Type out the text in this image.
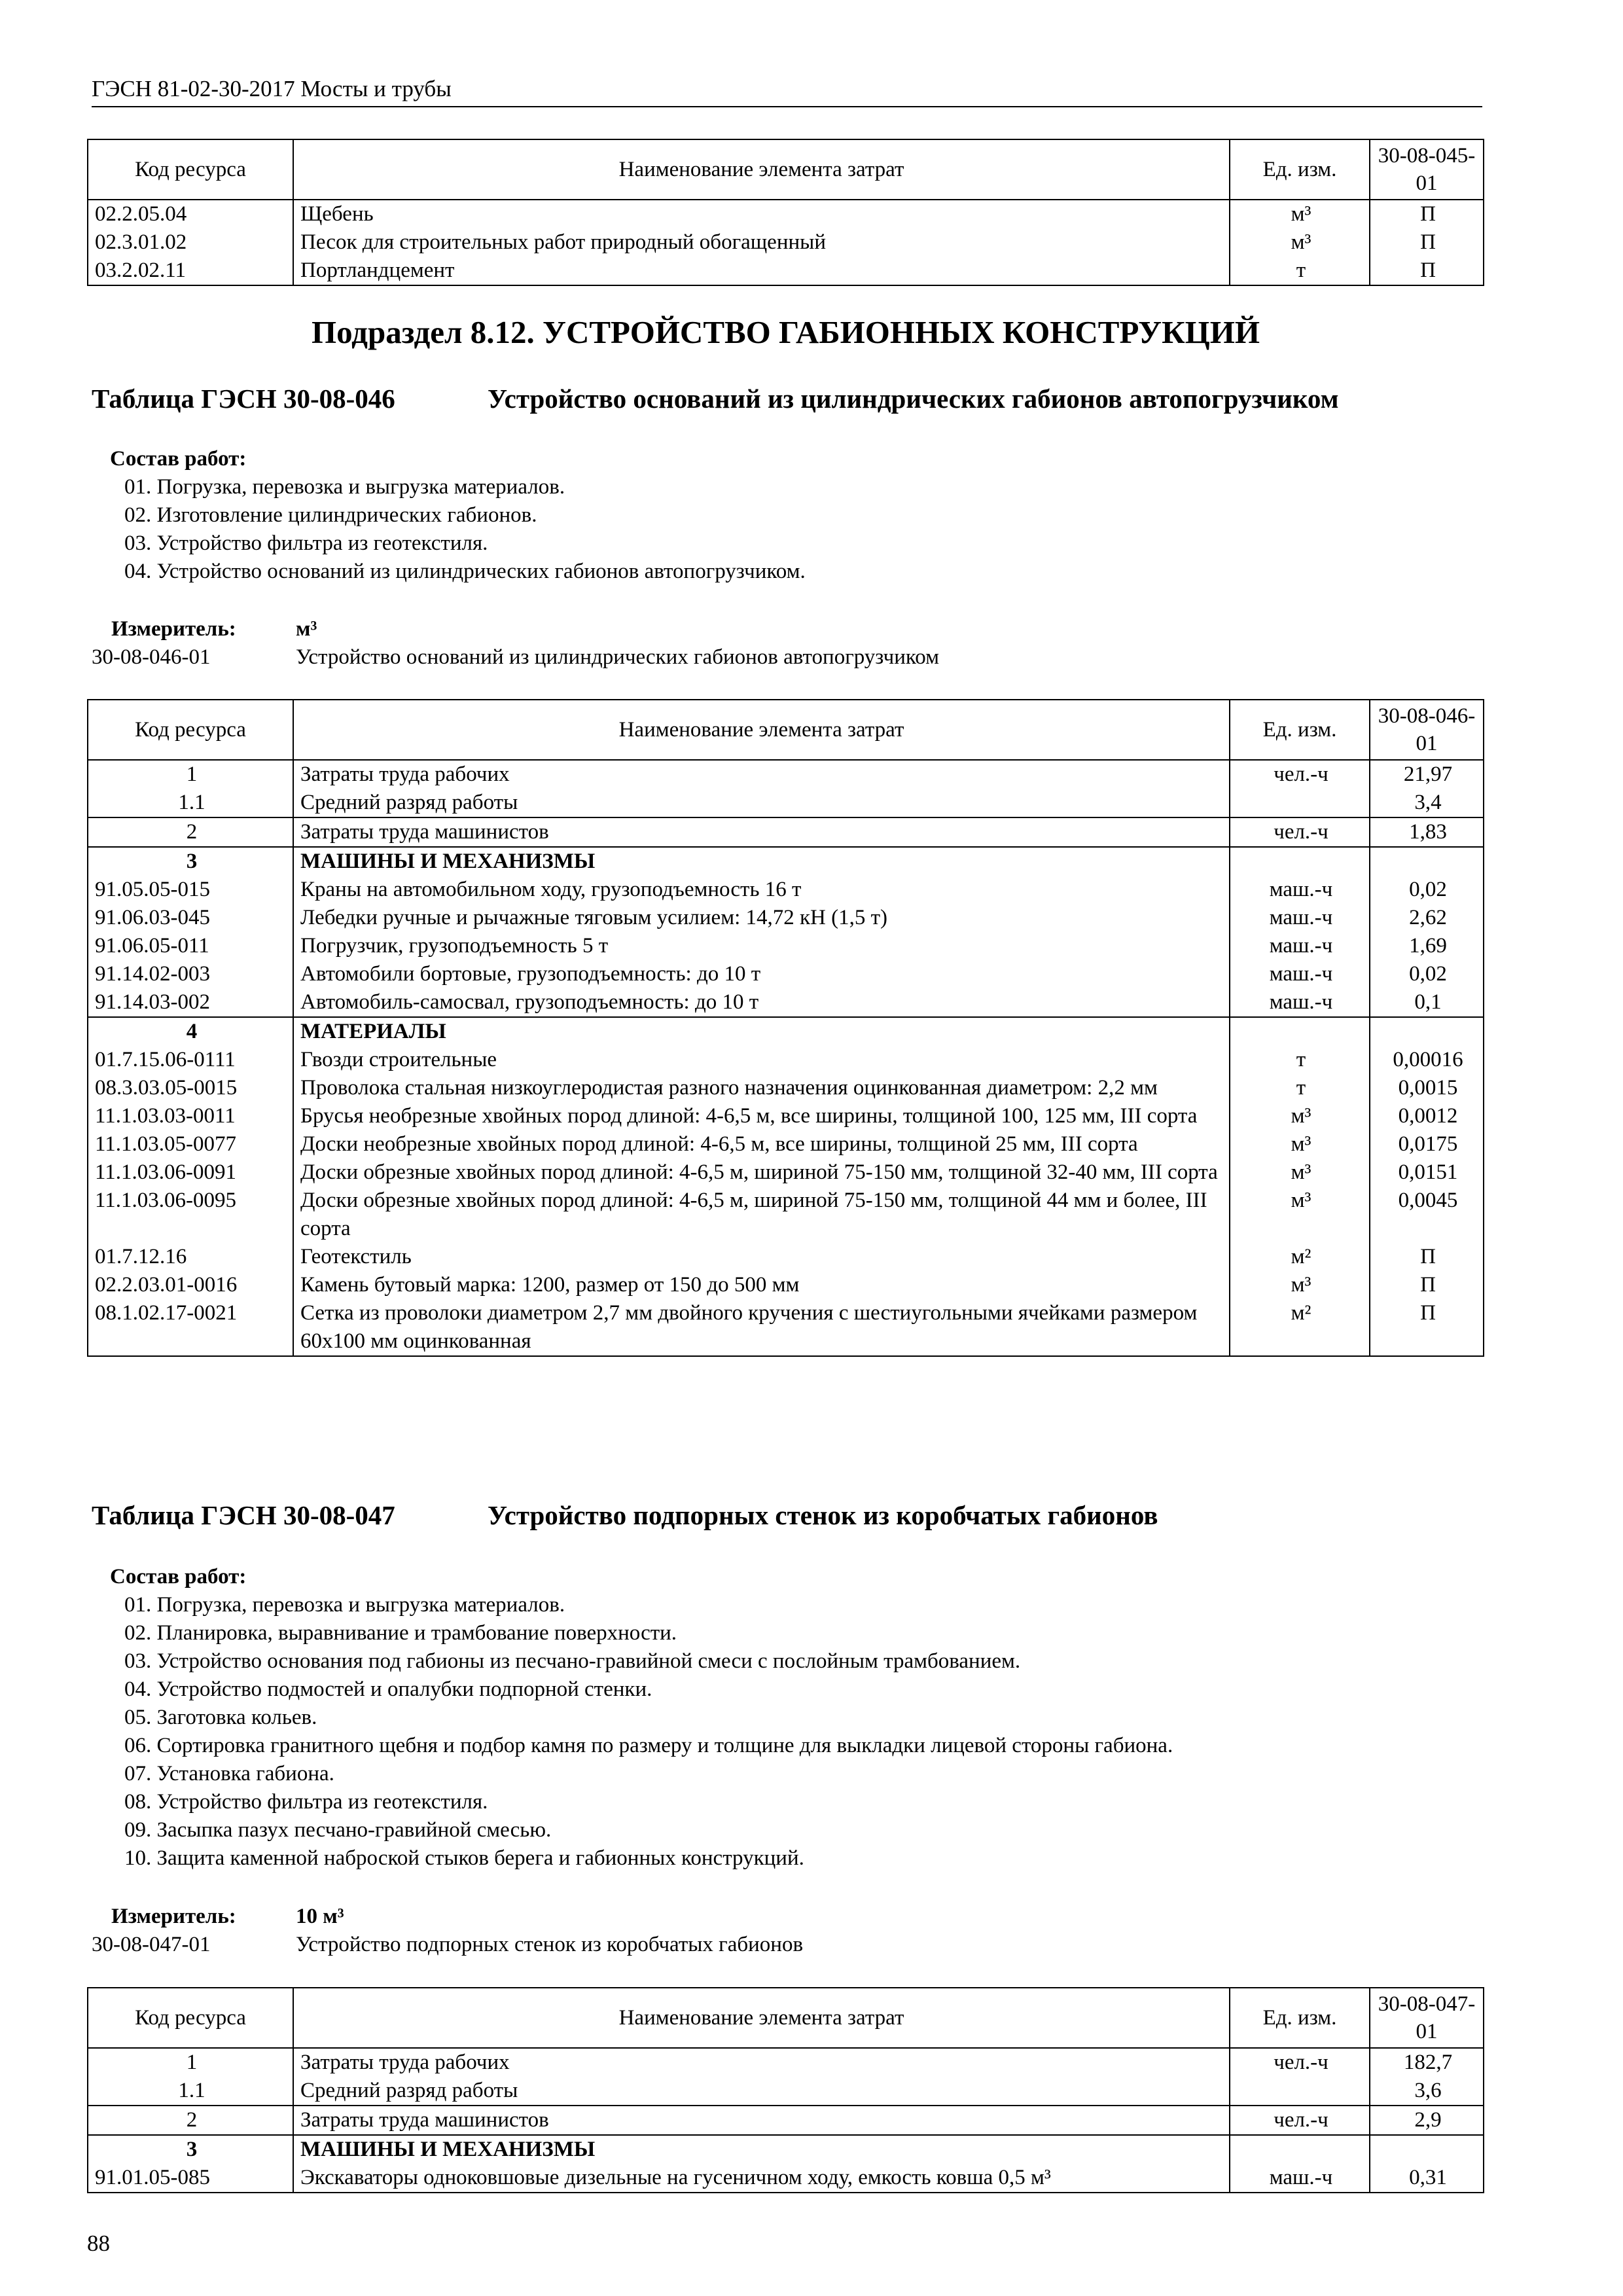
ГЭСН 81-02-30-2017 Мосты и трубы
Код ресурса	Наименование элемента затрат	Ед. изм.	30-08-045-01
02.2.05.04	Щебень	м³	П
02.3.01.02	Песок для строительных работ природный обогащенный	м³	П
03.2.02.11	Портландцемент	т	П
Подраздел 8.12. УСТРОЙСТВО ГАБИОННЫХ КОНСТРУКЦИЙ
Таблица ГЭСН 30-08-046	Устройство оснований из цилиндрических габионов автопогрузчиком
Состав работ:
01. Погрузка, перевозка и выгрузка материалов.
02. Изготовление цилиндрических габионов.
03. Устройство фильтра из геотекстиля.
04. Устройство оснований из цилиндрических габионов автопогрузчиком.
Измеритель:	м³
30-08-046-01	Устройство оснований из цилиндрических габионов автопогрузчиком
Код ресурса	Наименование элемента затрат	Ед. изм.	30-08-046-01
1	Затраты труда рабочих	чел.-ч	21,97
1.1	Средний разряд работы		3,4
2	Затраты труда машинистов	чел.-ч	1,83
3	МАШИНЫ И МЕХАНИЗМЫ		
91.05.05-015	Краны на автомобильном ходу, грузоподъемность 16 т	маш.-ч	0,02
91.06.03-045	Лебедки ручные и рычажные тяговым усилием: 14,72 кН (1,5 т)	маш.-ч	2,62
91.06.05-011	Погрузчик, грузоподъемность 5 т	маш.-ч	1,69
91.14.02-003	Автомобили бортовые, грузоподъемность: до 10 т	маш.-ч	0,02
91.14.03-002	Автомобиль-самосвал, грузоподъемность: до 10 т	маш.-ч	0,1
4	МАТЕРИАЛЫ		
01.7.15.06-0111	Гвозди строительные	т	0,00016
08.3.03.05-0015	Проволока стальная низкоуглеродистая разного назначения оцинкованная диаметром: 2,2 мм	т	0,0015
11.1.03.03-0011	Брусья необрезные хвойных пород длиной: 4-6,5 м, все ширины, толщиной 100, 125 мм, III сорта	м³	0,0012
11.1.03.05-0077	Доски необрезные хвойных пород длиной: 4-6,5 м, все ширины, толщиной 25 мм, III сорта	м³	0,0175
11.1.03.06-0091	Доски обрезные хвойных пород длиной: 4-6,5 м, шириной 75-150 мм, толщиной 32-40 мм, III сорта	м³	0,0151
11.1.03.06-0095	Доски обрезные хвойных пород длиной: 4-6,5 м, шириной 75-150 мм, толщиной 44 мм и более, III сорта	м³	0,0045
01.7.12.16	Геотекстиль	м²	П
02.2.03.01-0016	Камень бутовый марка: 1200, размер от 150 до 500 мм	м³	П
08.1.02.17-0021	Сетка из проволоки диаметром 2,7 мм двойного кручения с шестиугольными ячейками размером 60х100 мм оцинкованная	м²	П
Таблица ГЭСН 30-08-047	Устройство подпорных стенок из коробчатых габионов
Состав работ:
01. Погрузка, перевозка и выгрузка материалов.
02. Планировка, выравнивание и трамбование поверхности.
03. Устройство основания под габионы из песчано-гравийной смеси с послойным трамбованием.
04. Устройство подмостей и опалубки подпорной стенки.
05. Заготовка кольев.
06. Сортировка гранитного щебня и подбор камня по размеру и толщине для выкладки лицевой стороны габиона.
07. Установка габиона.
08. Устройство фильтра из геотекстиля.
09. Засыпка пазух песчано-гравийной смесью.
10. Защита каменной наброской стыков берега и габионных конструкций.
Измеритель:	10 м³
30-08-047-01	Устройство подпорных стенок из коробчатых габионов
Код ресурса	Наименование элемента затрат	Ед. изм.	30-08-047-01
1	Затраты труда рабочих	чел.-ч	182,7
1.1	Средний разряд работы		3,6
2	Затраты труда машинистов	чел.-ч	2,9
3	МАШИНЫ И МЕХАНИЗМЫ		
91.01.05-085	Экскаваторы одноковшовые дизельные на гусеничном ходу, емкость ковша 0,5 м³	маш.-ч	0,31
88
